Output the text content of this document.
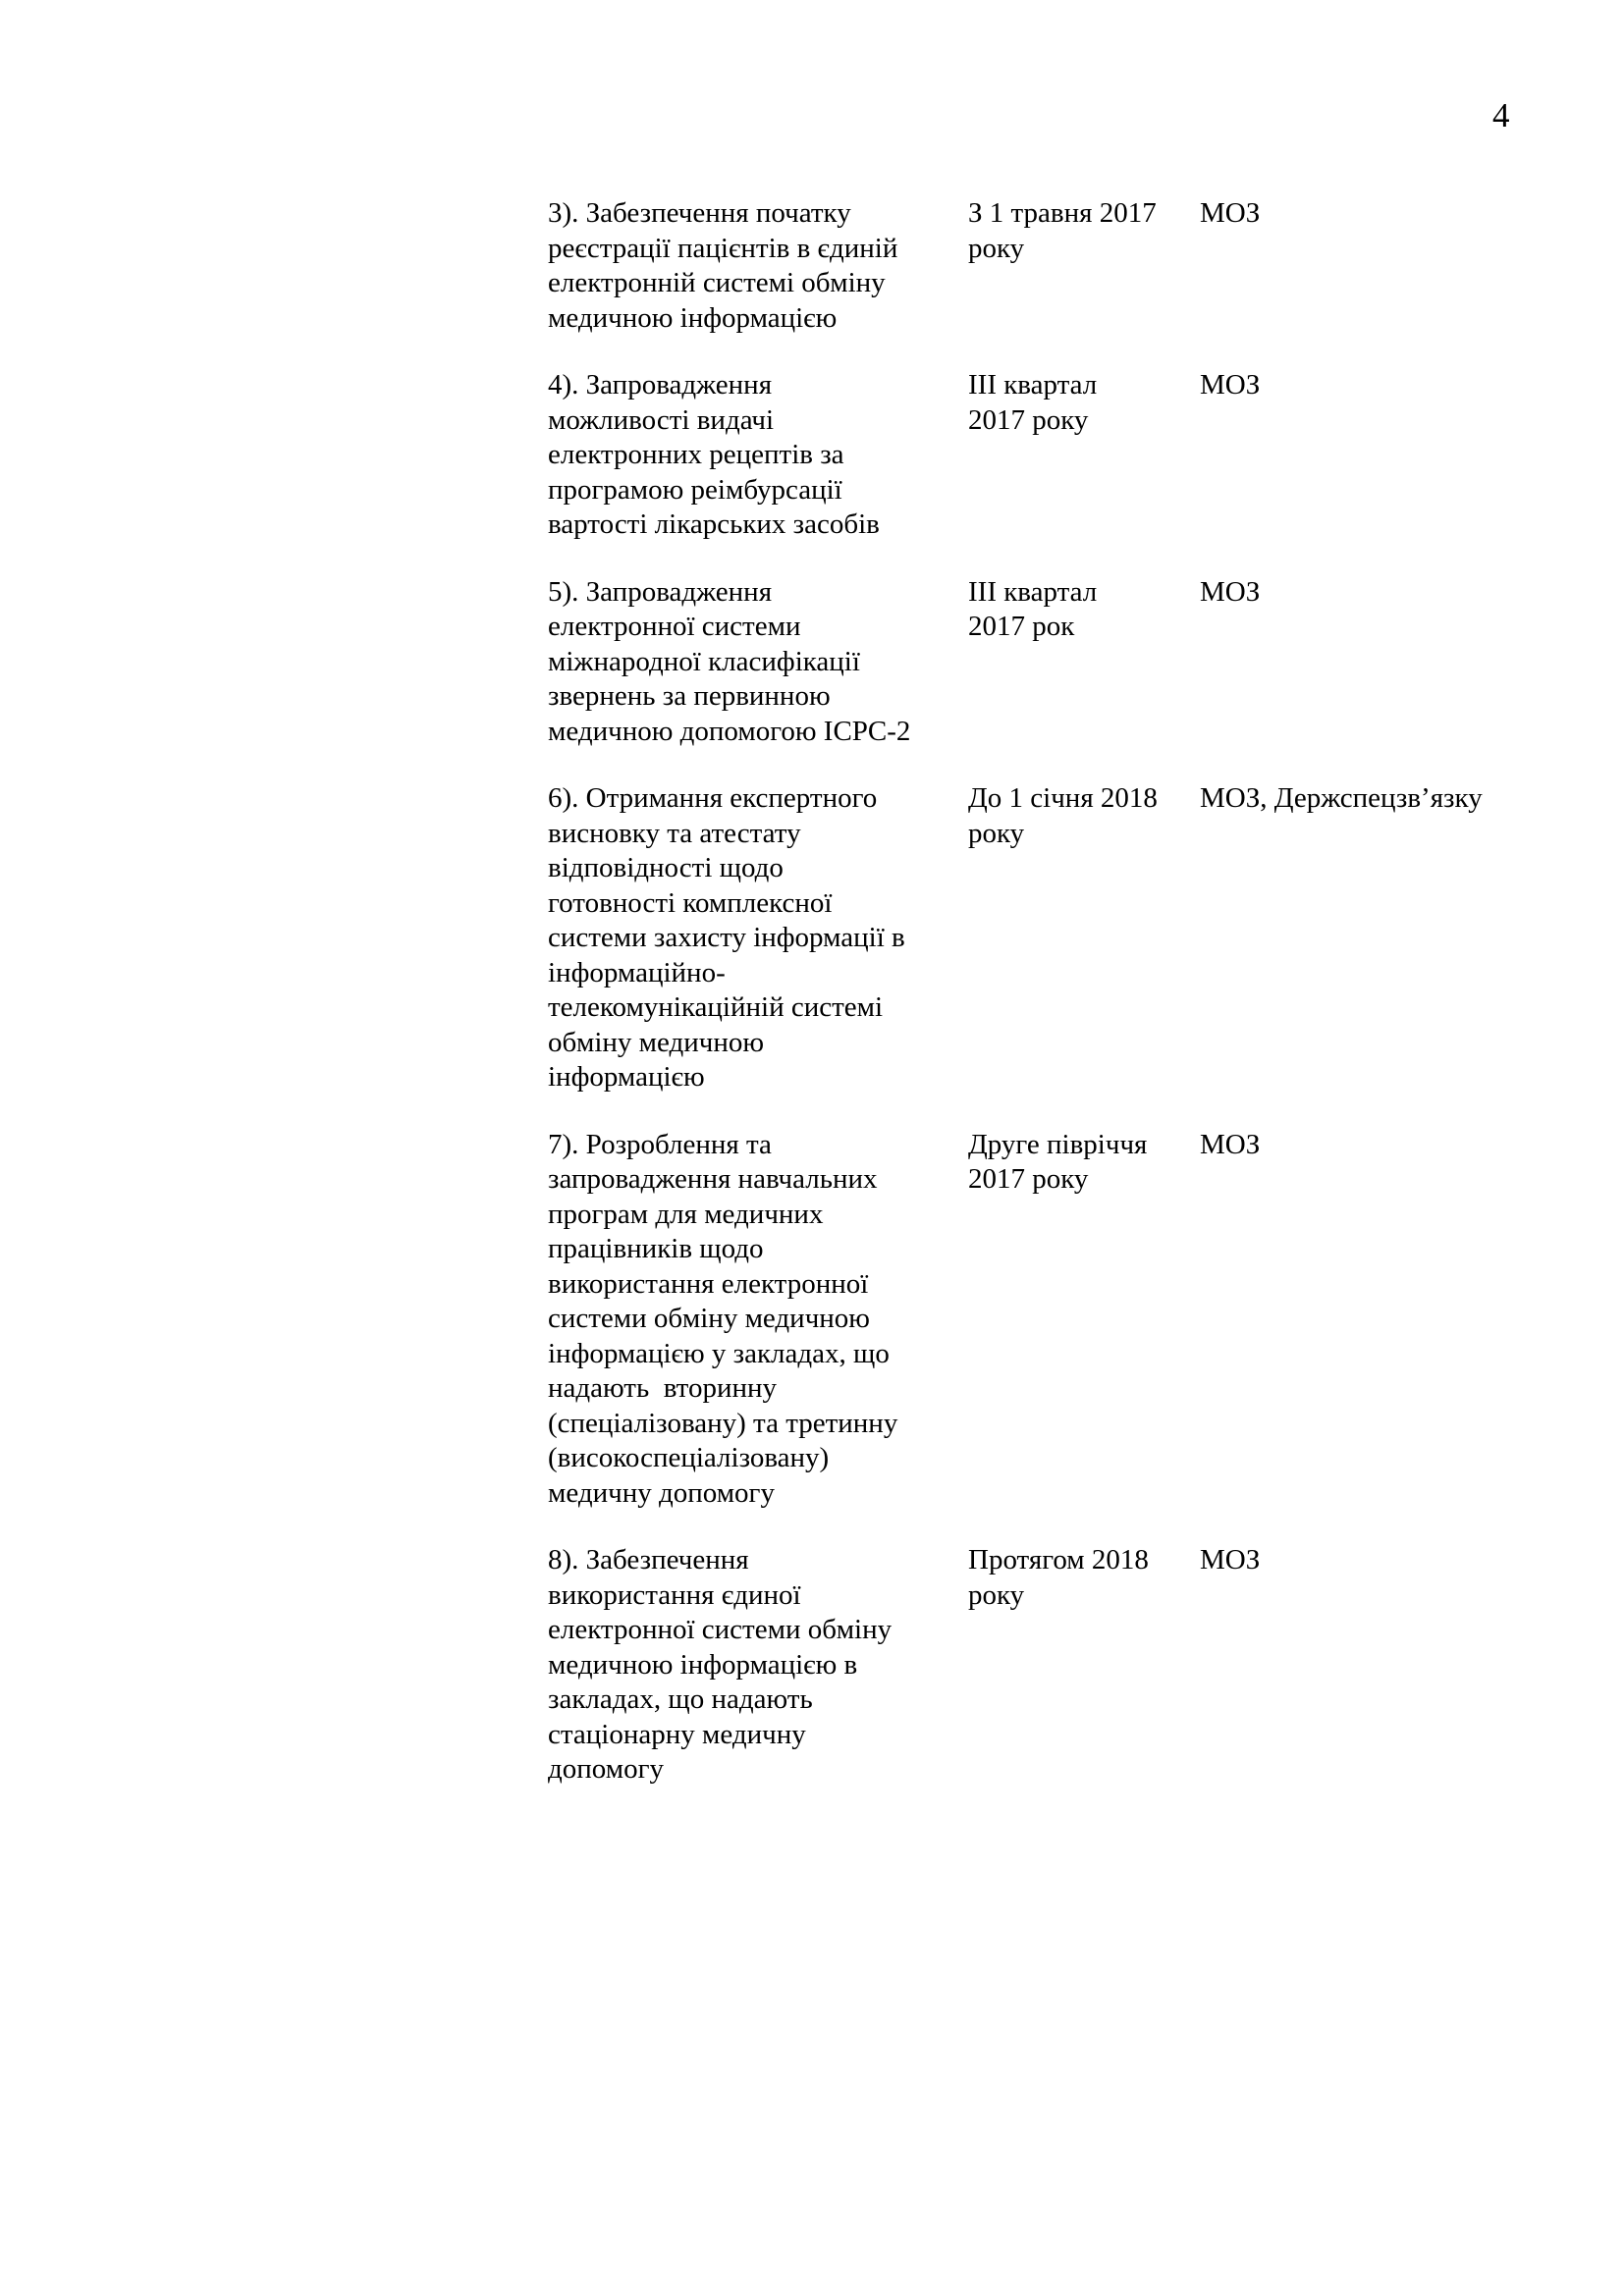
4
3). Забезпечення початку
реєстрації пацієнтів в єдиній
електронній системі обміну
медичною інформацією
З 1 травня 2017
року
МОЗ
4). Запровадження
можливості видачі
електронних рецептів за
програмою реімбурсації
вартості лікарських засобів
ІІІ квартал
2017 року
МОЗ
5). Запровадження
електронної системи
міжнародної класифікації
звернень за первинною
медичною допомогою ICPC-2
ІІІ квартал
2017 рок
МОЗ
6). Отримання експертного
висновку та атестату
відповідності щодо
готовності комплексної
системи захисту інформації в
інформаційно-
телекомунікаційній системі
обміну медичною
інформацією
До 1 січня 2018
року
МОЗ, Держспецзв’язку
7). Розроблення та
запровадження навчальних
програм для медичних
працівників щодо
використання електронної
системи обміну медичною
інформацією у закладах, що
надають  вторинну
(спеціалізовану) та третинну
(високоспеціалізовану)
медичну допомогу
Друге півріччя
2017 року
МОЗ
8). Забезпечення
використання єдиної
електронної системи обміну
медичною інформацією в
закладах, що надають
стаціонарну медичну
допомогу
Протягом 2018
року
МОЗ
